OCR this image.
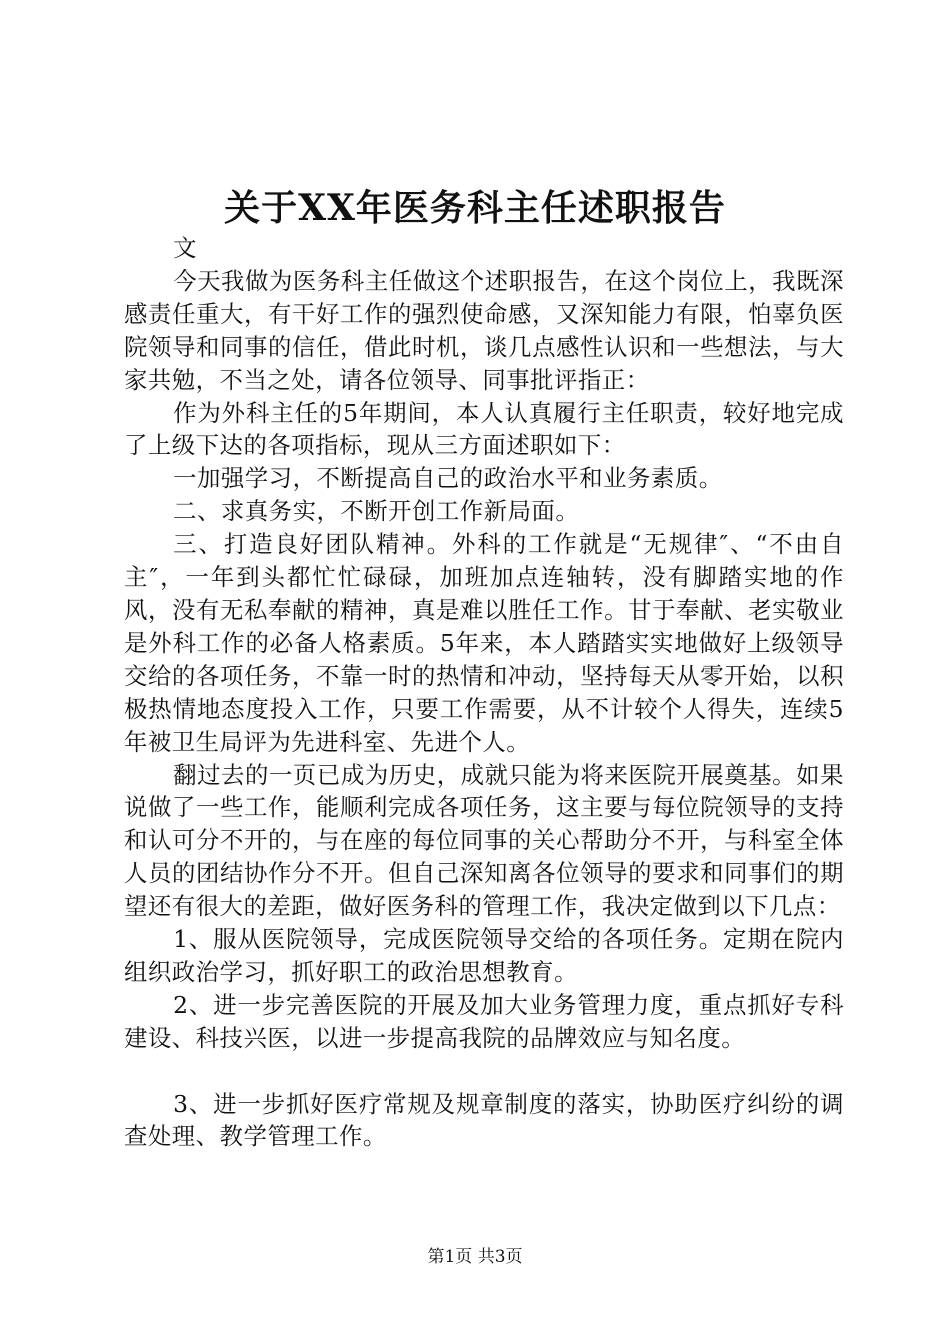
关于XX年医务科主任述职报告

文

今天我做为医务科主任做这个述职报告，在这个岗位上，我既深感责任重大，有干好工作的强烈使命感，又深知能力有限，怕辜负医院领导和同事的信任，借此时机，谈几点感性认识和一些想法，与大家共勉，不当之处，请各位领导、同事批评指正：

作为外科主任的5年期间，本人认真履行主任职责，较好地完成了上级下达的各项指标，现从三方面述职如下：

一加强学习，不断提高自己的政治水平和业务素质。

二、求真务实，不断开创工作新局面。

三、打造良好团队精神。外科的工作就是“无规律″、“不由自主″，一年到头都忙忙碌碌，加班加点连轴转，没有脚踏实地的作风，没有无私奉献的精神，真是难以胜任工作。甘于奉献、老实敬业是外科工作的必备人格素质。5年来，本人踏踏实实地做好上级领导交给的各项任务，不靠一时的热情和冲动，坚持每天从零开始，以积极热情地态度投入工作，只要工作需要，从不计较个人得失，连续5年被卫生局评为先进科室、先进个人。

翻过去的一页已成为历史，成就只能为将来医院开展奠基。如果说做了一些工作，能顺利完成各项任务，这主要与每位院领导的支持和认可分不开的，与在座的每位同事的关心帮助分不开，与科室全体人员的团结协作分不开。但自己深知离各位领导的要求和同事们的期望还有很大的差距，做好医务科的管理工作，我决定做到以下几点：

1、服从医院领导，完成医院领导交给的各项任务。定期在院内组织政治学习，抓好职工的政治思想教育。

2、进一步完善医院的开展及加大业务管理力度，重点抓好专科建设、科技兴医，以进一步提高我院的品牌效应与知名度。

3、进一步抓好医疗常规及规章制度的落实，协助医疗纠纷的调查处理、教学管理工作。

第1页 共3页
